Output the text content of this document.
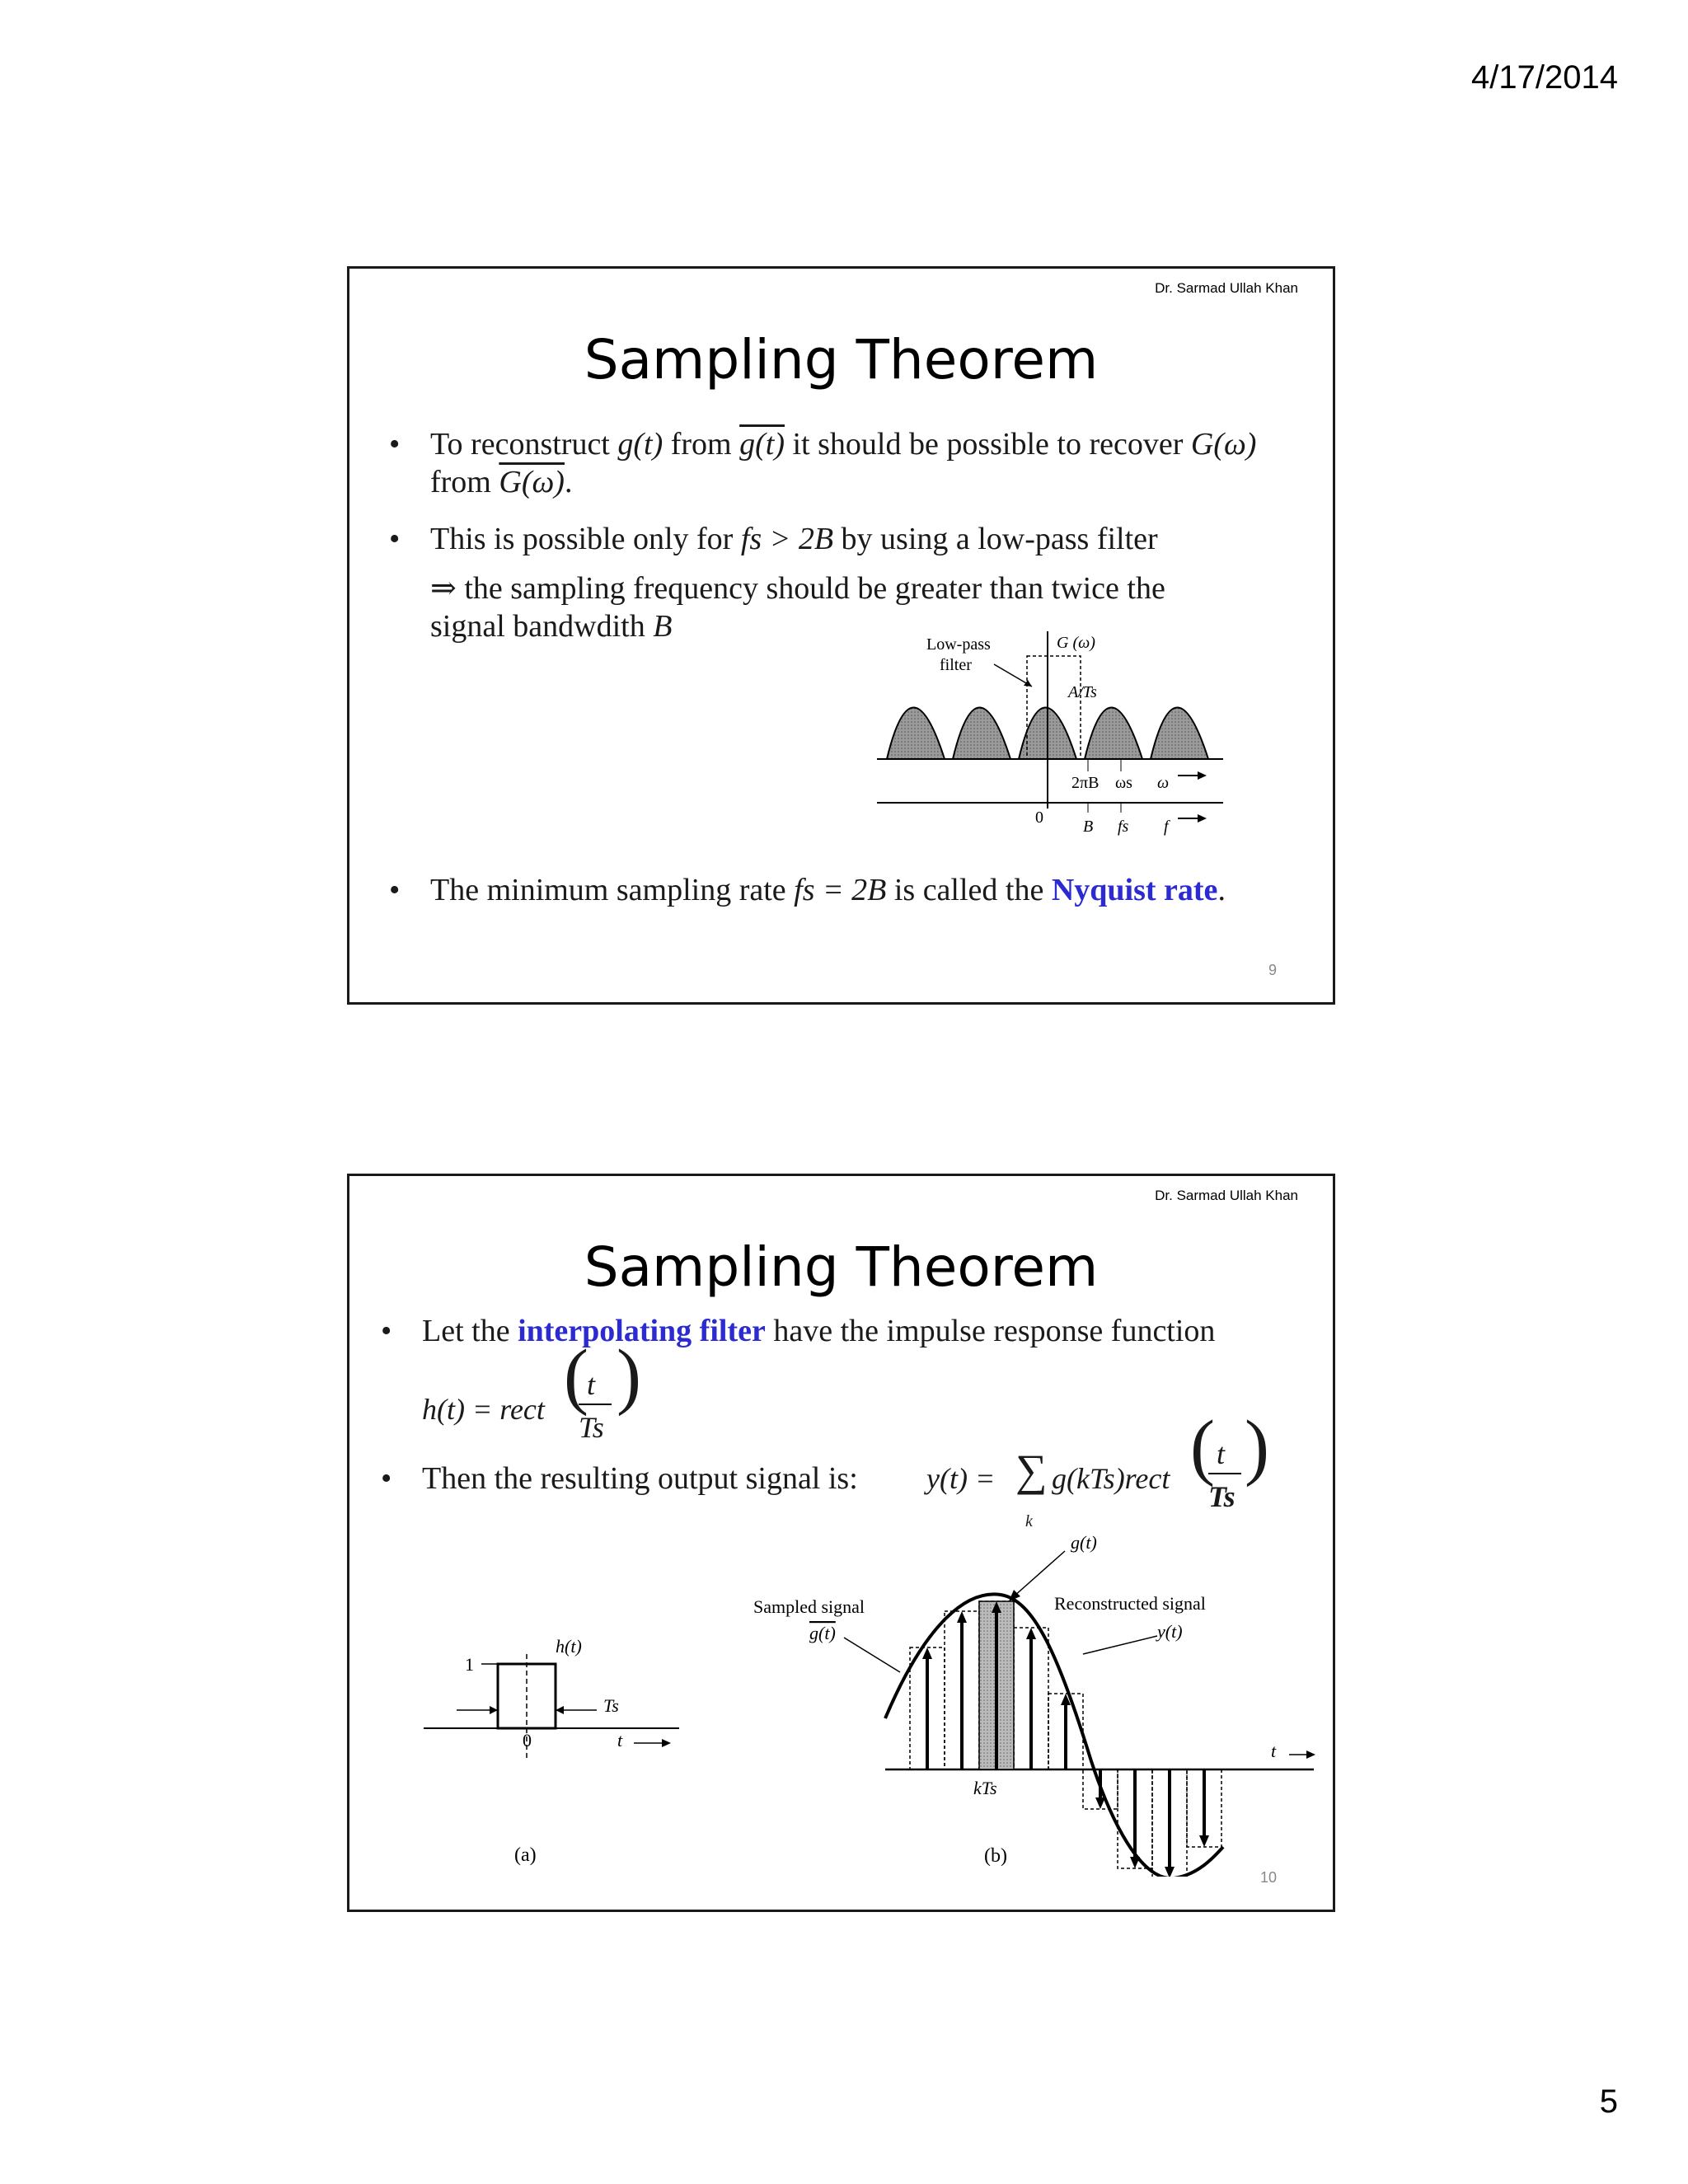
4/17/2014
Dr. Sarmad Ullah Khan
Sampling Theorem
• To reconstruct g(t) from g(t) it should be possible to recover G(ω) from G(ω).
• This is possible only for fs > 2B by using a low-pass filter
⇒ the sampling frequency should be greater than twice the
signal bandwdith B
Low-pass
filter
G (ω)
A/Ts
2πB ωs ω
0 B fs f
• The minimum sampling rate fs = 2B is called the Nyquist rate.
9
Dr. Sarmad Ullah Khan
Sampling Theorem
• Let the interpolating filter have the impulse response function
h(t) = rect (
t
Ts
)
• Then the resulting output signal is:	y(t) = ∑
k
g(kTs)rect ( t
Ts
)
1
h(t)
Ts
0	t
(a)
g(t)
Sampled signal
g(t)
Reconstructed signal
y(t)
t
kTs
(b)
10
5
